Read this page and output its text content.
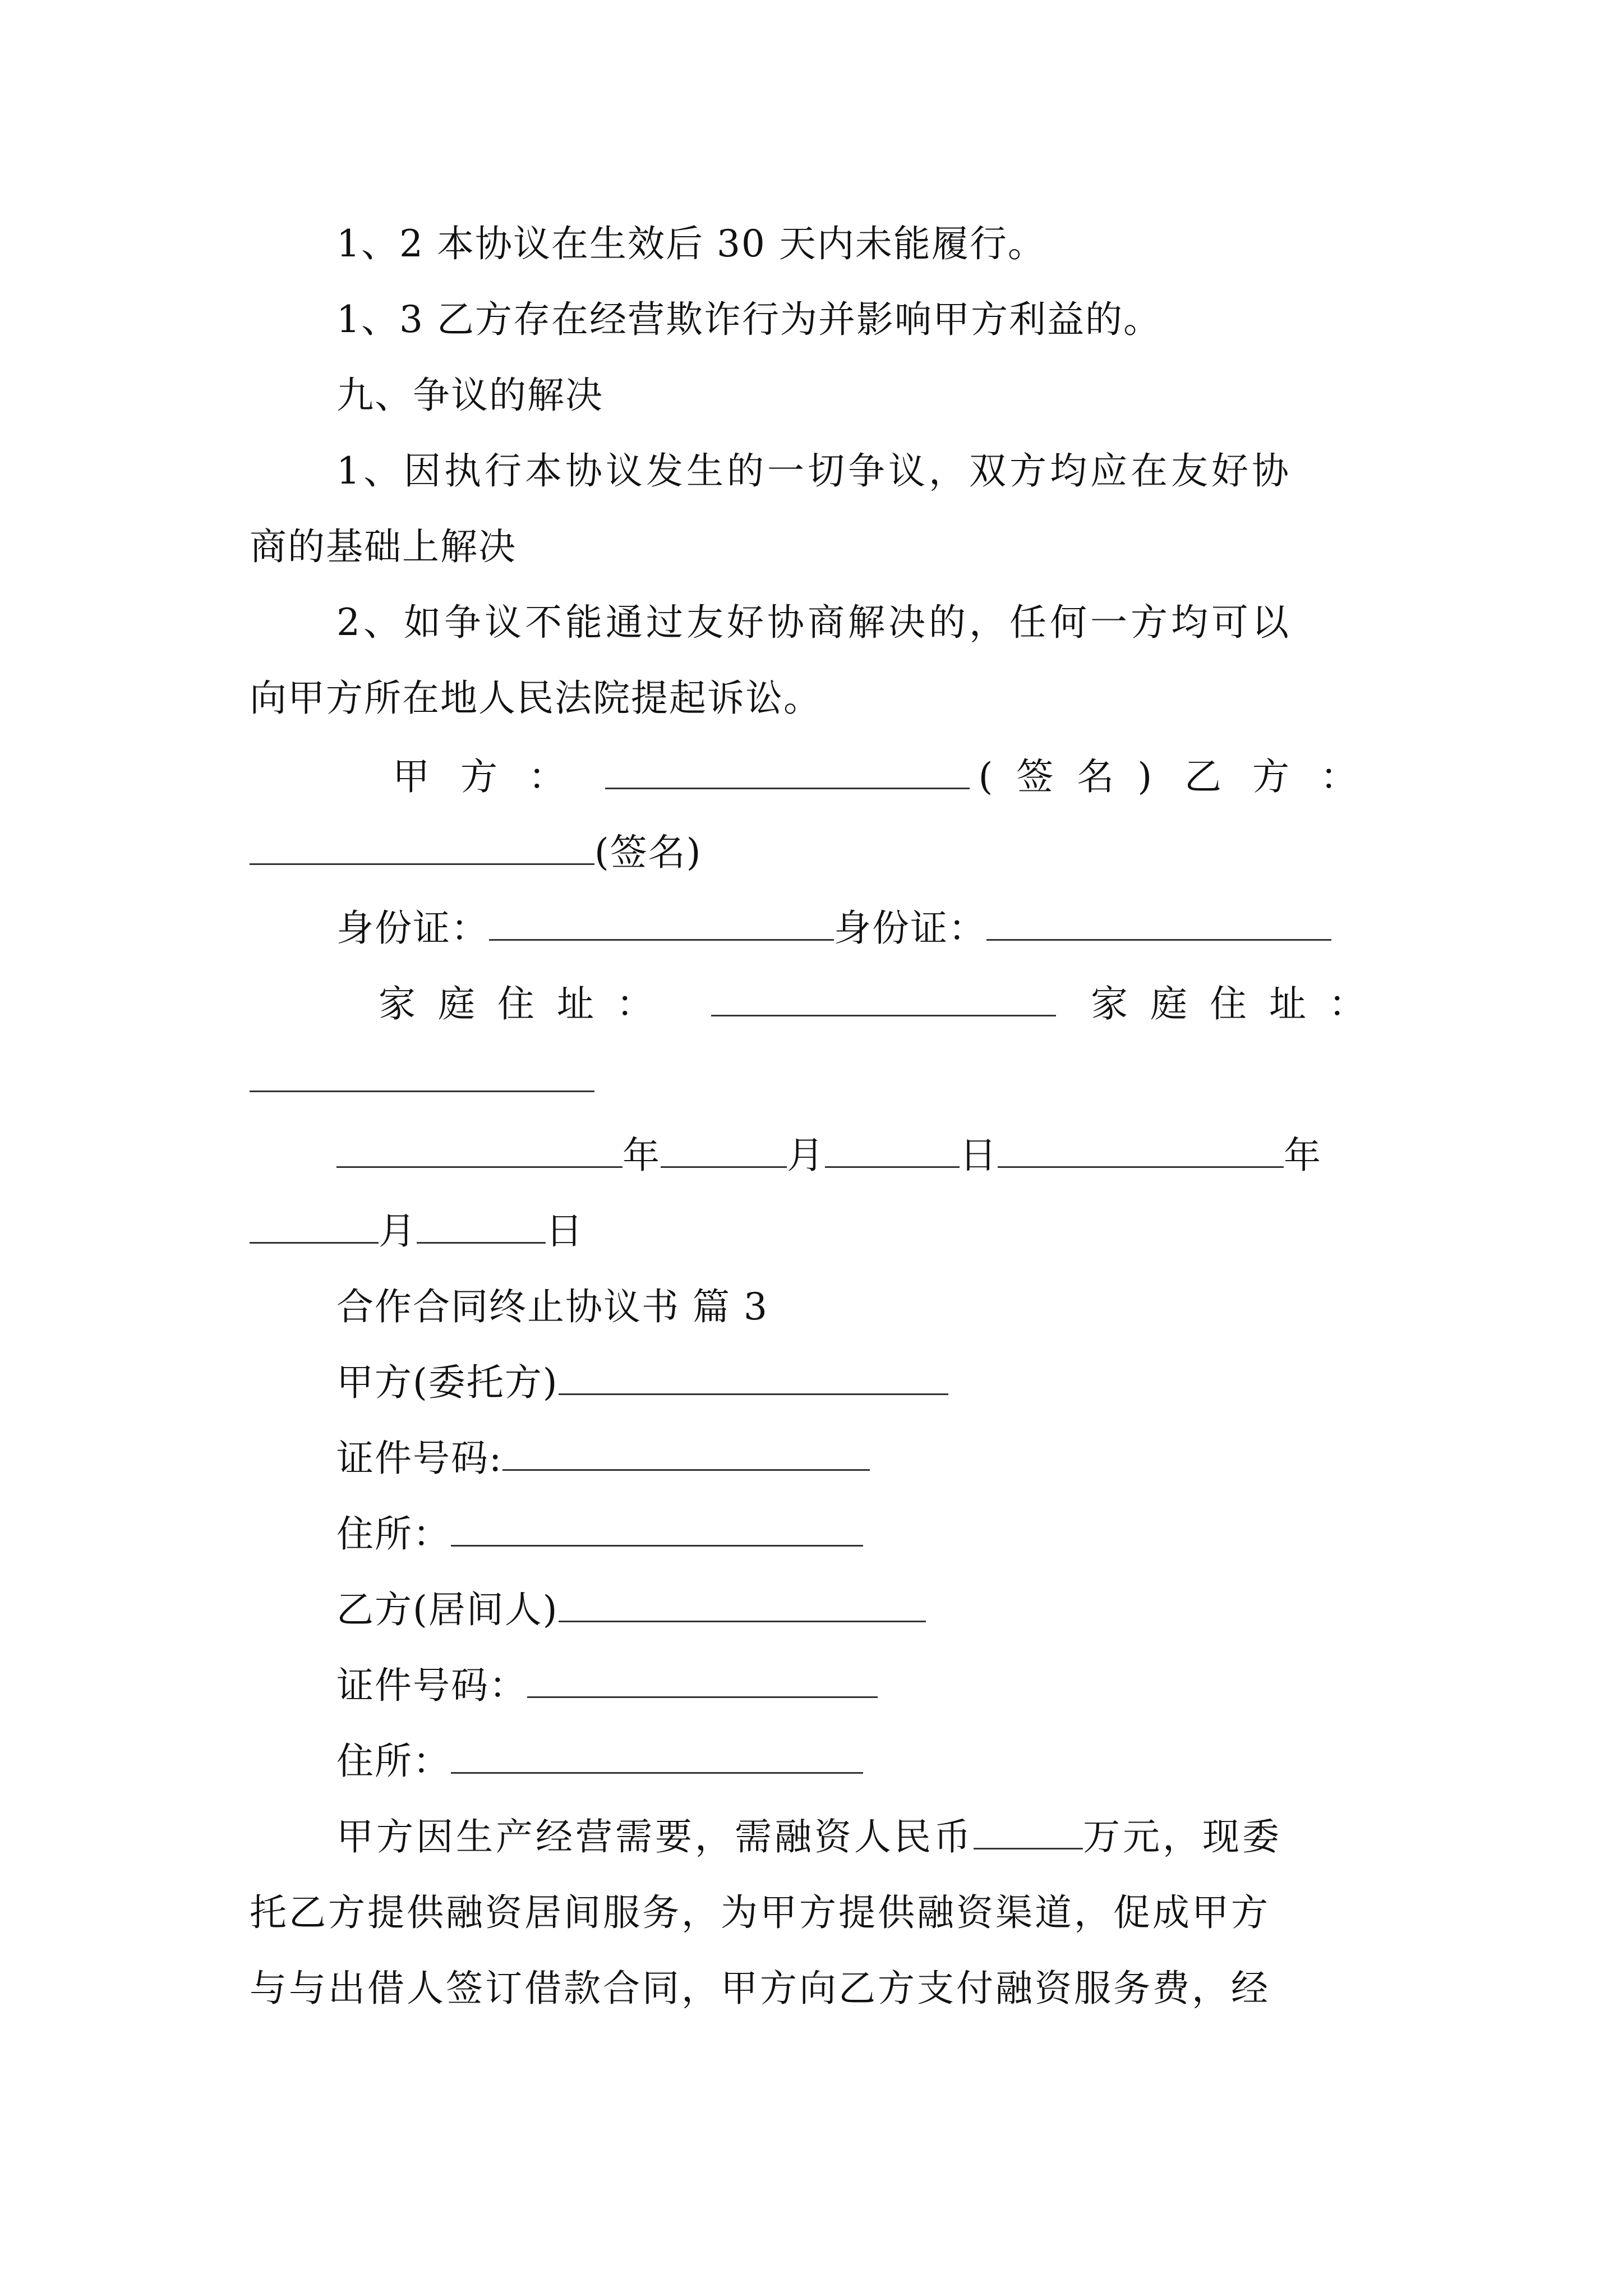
1、2 本协议在生效后 30 天内未能履行。
1、3 乙方存在经营欺诈行为并影响甲方利益的。
九、争议的解决
1、因执行本协议发生的一切争议，双方均应在友好协
商的基础上解决
2、如争议不能通过友好协商解决的，任何一方均可以
向甲方所在地人民法院提起诉讼。
甲方：	(签名) 乙方：
(签名)
身份证：	身份证：
家庭住址：	家庭住址：
年	月	日	年
月	日
合作合同终止协议书 篇 3
甲方(委托方)
证件号码:
住所：
乙方(居间人)
证件号码：
住所：
甲方因生产经营需要，需融资人民币	万元，现委
托乙方提供融资居间服务，为甲方提供融资渠道，促成甲方
与与出借人签订借款合同，甲方向乙方支付融资服务费，经
